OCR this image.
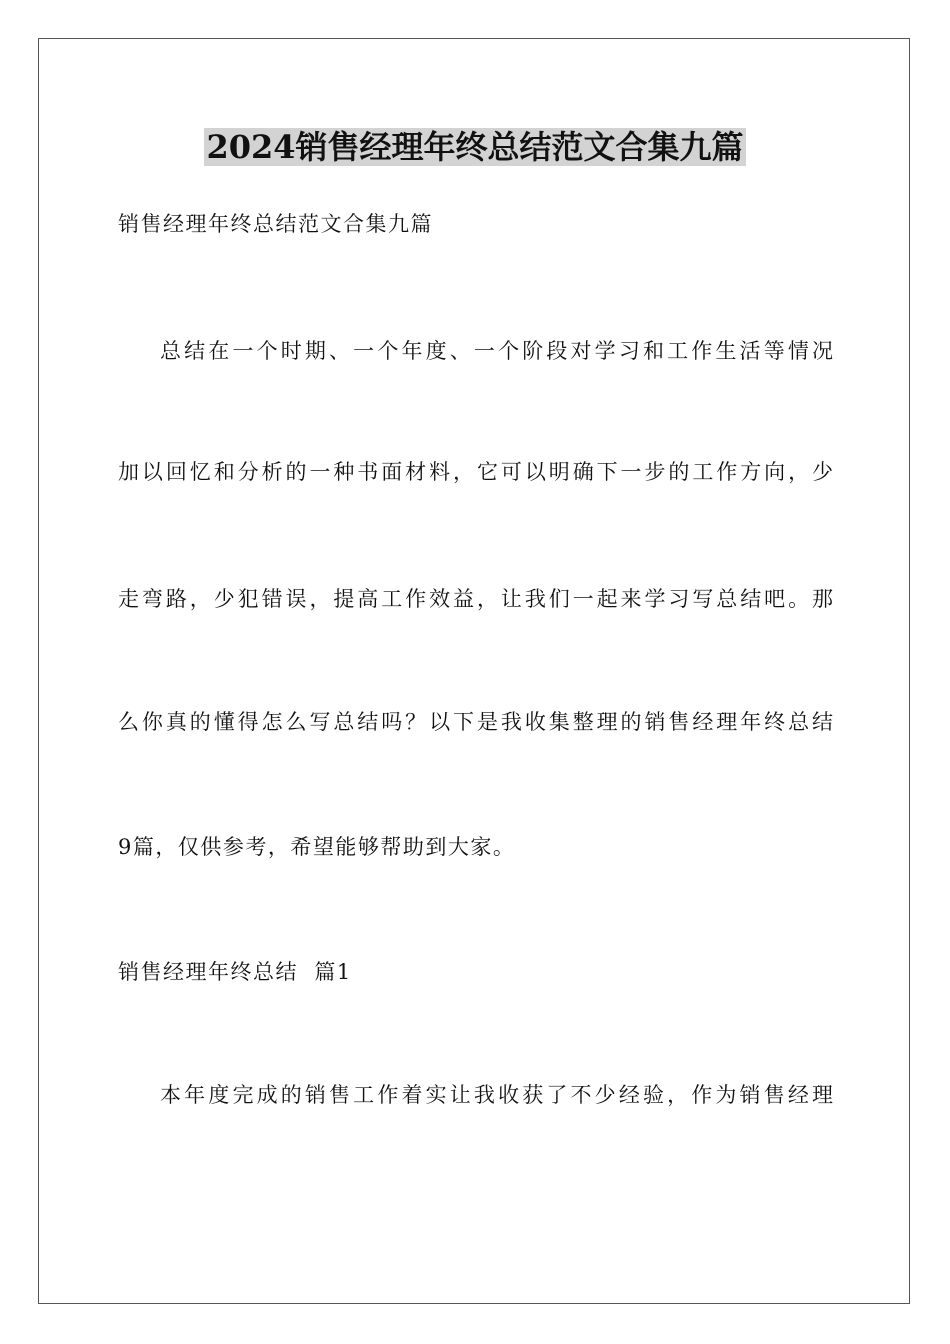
2024销售经理年终总结范文合集九篇
销售经理年终总结范文合集九篇
总结在一个时期、一个年度、一个阶段对学习和工作生活等情况
加以回忆和分析的一种书面材料，它可以明确下一步的工作方向，少
走弯路，少犯错误，提高工作效益，让我们一起来学习写总结吧。那
么你真的懂得怎么写总结吗？以下是我收集整理的销售经理年终总结
9篇，仅供参考，希望能够帮助到大家。
销售经理年终总结  篇1
本年度完成的销售工作着实让我收获了不少经验，作为销售经理
